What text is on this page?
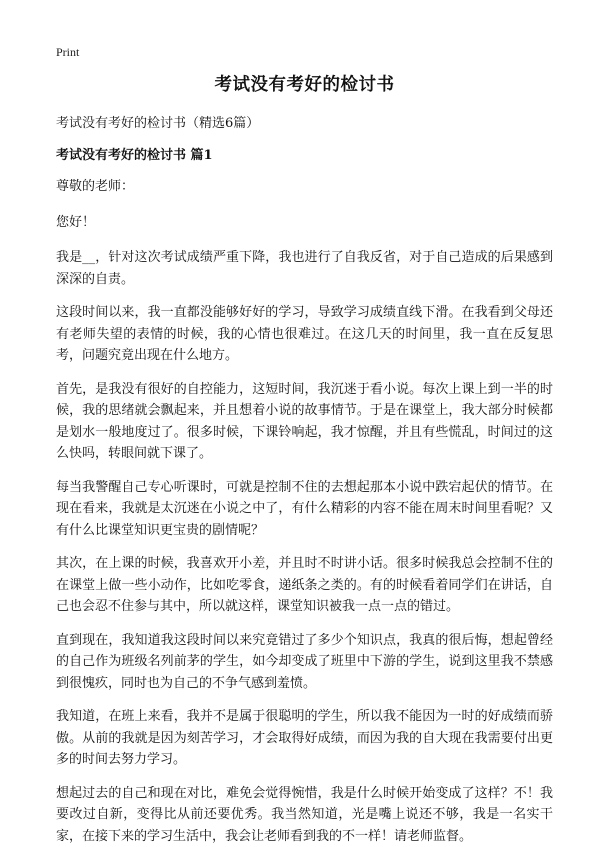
Print
考试没有考好的检讨书
考试没有考好的检讨书（精选6篇）
考试没有考好的检讨书 篇1

尊敬的老师：

您好！

我是__，针对这次考试成绩严重下降，我也进行了自我反省，对于自己造成的后果感到深深的自责。

这段时间以来，我一直都没能够好好的学习，导致学习成绩直线下滑。在我看到父母还有老师失望的表情的时候，我的心情也很难过。在这几天的时间里，我一直在反复思考，问题究竟出现在什么地方。

首先，是我没有很好的自控能力，这短时间，我沉迷于看小说。每次上课上到一半的时候，我的思绪就会飘起来，并且想着小说的故事情节。于是在课堂上，我大部分时候都是划水一般地度过了。很多时候，下课铃响起，我才惊醒，并且有些慌乱，时间过的这么快吗，转眼间就下课了。

每当我警醒自己专心听课时，可就是控制不住的去想起那本小说中跌宕起伏的情节。在现在看来，我就是太沉迷在小说之中了，有什么精彩的内容不能在周末时间里看呢？又有什么比课堂知识更宝贵的剧情呢？

其次，在上课的时候，我喜欢开小差，并且时不时讲小话。很多时候我总会控制不住的在课堂上做一些小动作，比如吃零食，递纸条之类的。有的时候看着同学们在讲话，自己也会忍不住参与其中，所以就这样，课堂知识被我一点一点的错过。

直到现在，我知道我这段时间以来究竟错过了多少个知识点，我真的很后悔，想起曾经的自己作为班级名列前茅的学生，如今却变成了班里中下游的学生，说到这里我不禁感到很愧疚，同时也为自己的不争气感到羞愤。

我知道，在班上来看，我并不是属于很聪明的学生，所以我不能因为一时的好成绩而骄傲。从前的我就是因为刻苦学习，才会取得好成绩，而因为我的自大现在我需要付出更多的时间去努力学习。

想起过去的自己和现在对比，难免会觉得惋惜，我是什么时候开始变成了这样？不！我要改过自新，变得比从前还要优秀。我当然知道，光是嘴上说还不够，我是一名实干家，在接下来的学习生活中，我会让老师看到我的不一样！请老师监督。
